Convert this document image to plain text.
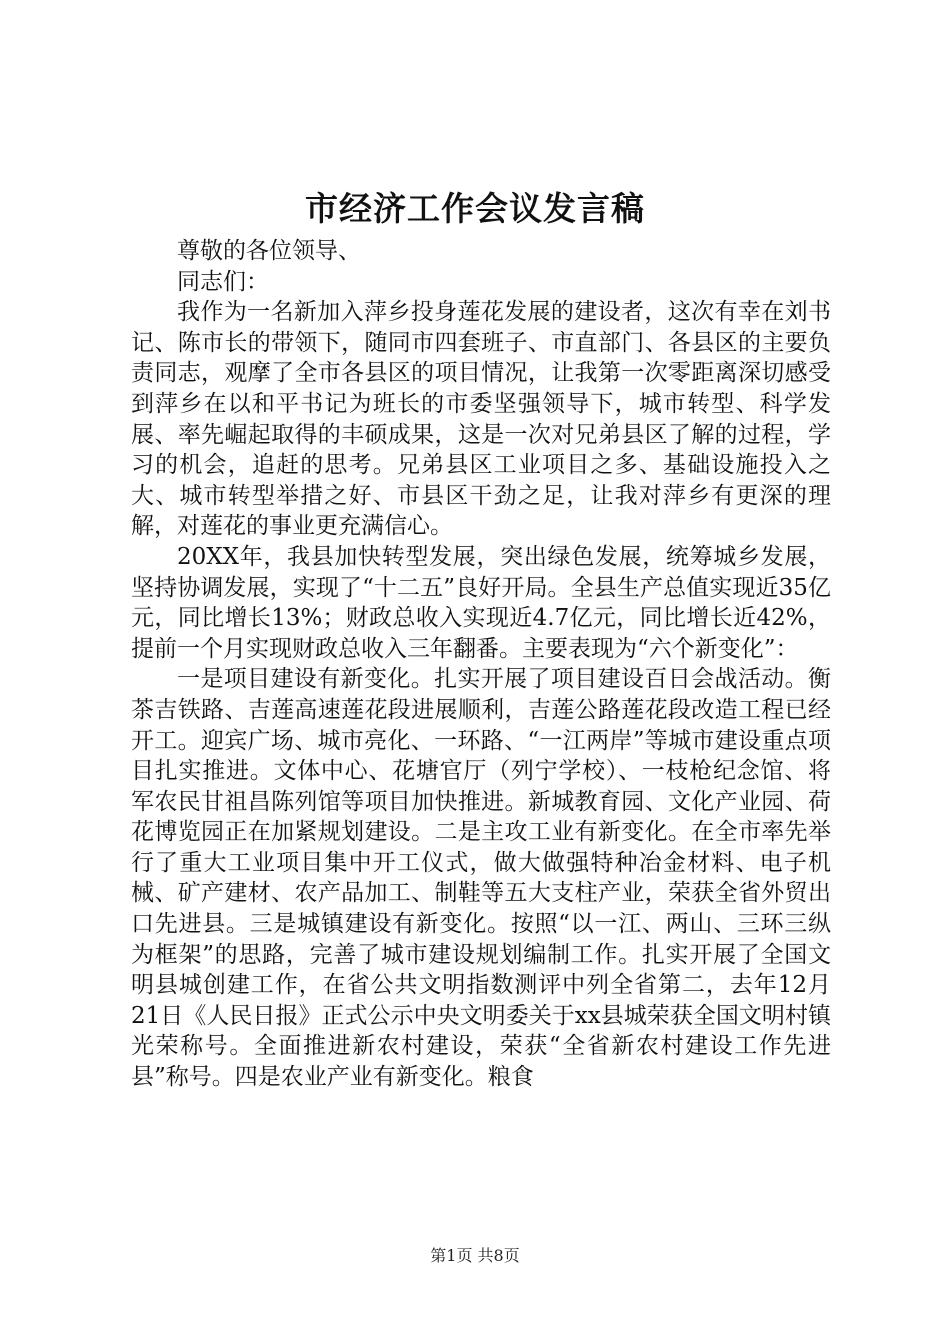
市经济工作会议发言稿

尊敬的各位领导、

同志们：

我作为一名新加入萍乡投身莲花发展的建设者，这次有幸在刘书记、陈市长的带领下，随同市四套班子、市直部门、各县区的主要负责同志，观摩了全市各县区的项目情况，让我第一次零距离深切感受到萍乡在以和平书记为班长的市委坚强领导下，城市转型、科学发展、率先崛起取得的丰硕成果，这是一次对兄弟县区了解的过程，学习的机会，追赶的思考。兄弟县区工业项目之多、基础设施投入之大、城市转型举措之好、市县区干劲之足，让我对萍乡有更深的理解，对莲花的事业更充满信心。

20XX年，我县加快转型发展，突出绿色发展，统筹城乡发展，坚持协调发展，实现了“十二五”良好开局。全县生产总值实现近35亿元，同比增长13%；财政总收入实现近4.7亿元，同比增长近42%，提前一个月实现财政总收入三年翻番。主要表现为“六个新变化”：

一是项目建设有新变化。扎实开展了项目建设百日会战活动。衡茶吉铁路、吉莲高速莲花段进展顺利，吉莲公路莲花段改造工程已经开工。迎宾广场、城市亮化、一环路、“一江两岸”等城市建设重点项目扎实推进。文体中心、花塘官厅（列宁学校）、一枝枪纪念馆、将军农民甘祖昌陈列馆等项目加快推进。新城教育园、文化产业园、荷花博览园正在加紧规划建设。二是主攻工业有新变化。在全市率先举行了重大工业项目集中开工仪式，做大做强特种冶金材料、电子机械、矿产建材、农产品加工、制鞋等五大支柱产业，荣获全省外贸出口先进县。三是城镇建设有新变化。按照“以一江、两山、三环三纵为框架”的思路，完善了城市建设规划编制工作。扎实开展了全国文明县城创建工作，在省公共文明指数测评中列全省第二，去年12月21日《人民日报》正式公示中央文明委关于xx县城荣获全国文明村镇光荣称号。全面推进新农村建设，荣获“全省新农村建设工作先进县”称号。四是农业产业有新变化。粮食

第1页 共8页
